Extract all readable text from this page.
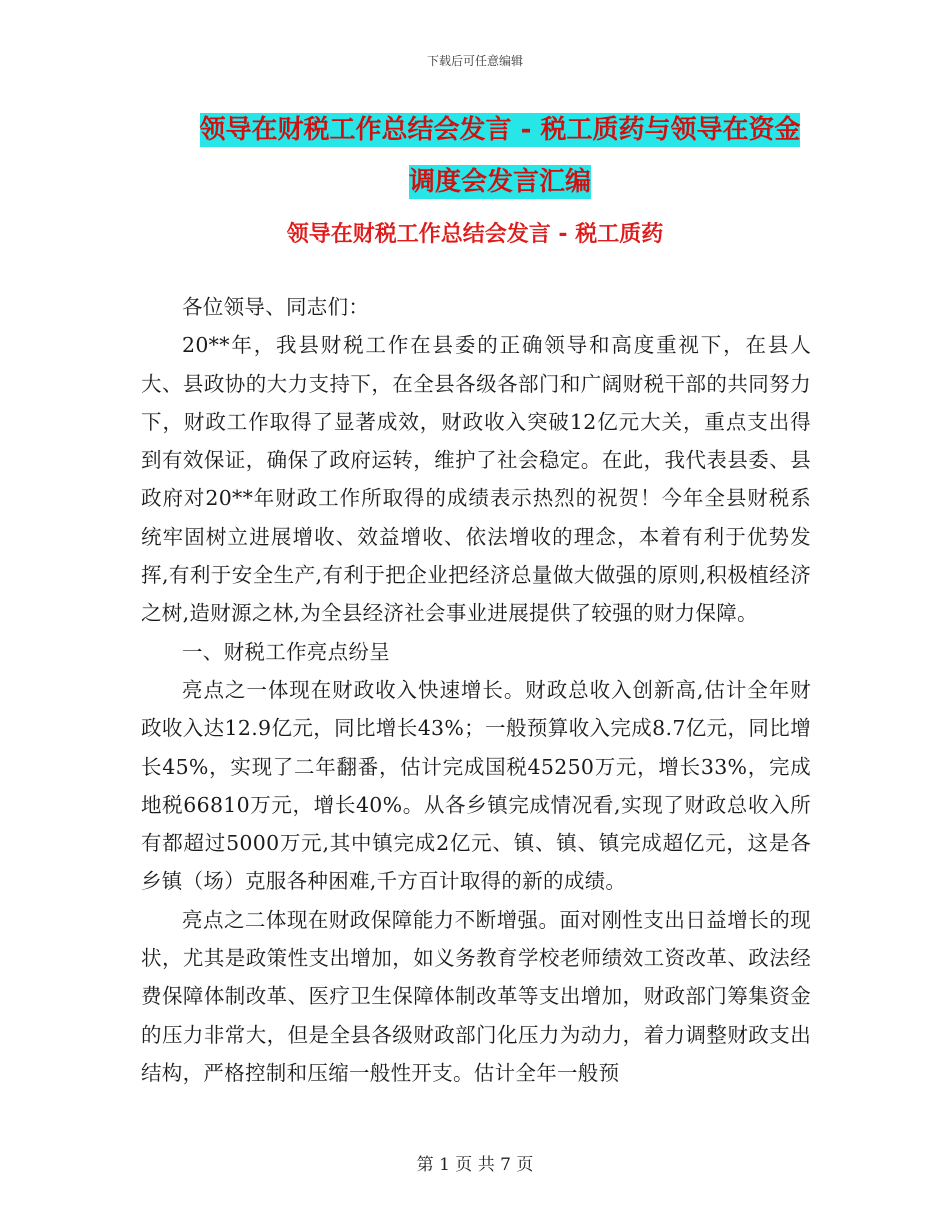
下载后可任意编辑
领导在财税工作总结会发言 - 税工质药与领导在资金
调度会发言汇编
领导在财税工作总结会发言 - 税工质药

各位领导、同志们：

20**年，我县财税工作在县委的正确领导和高度重视下，在县人大、县政协的大力支持下，在全县各级各部门和广阔财税干部的共同努力下，财政工作取得了显著成效，财政收入突破12亿元大关，重点支出得到有效保证，确保了政府运转，维护了社会稳定。在此，我代表县委、县政府对20**年财政工作所取得的成绩表示热烈的祝贺！今年全县财税系统牢固树立进展增收、效益增收、依法增收的理念，本着有利于优势发挥,有利于安全生产,有利于把企业把经济总量做大做强的原则,积极植经济之树,造财源之林,为全县经济社会事业进展提供了较强的财力保障。

一、财税工作亮点纷呈

亮点之一体现在财政收入快速增长。财政总收入创新高,估计全年财政收入达12.9亿元，同比增长43%；一般预算收入完成8.7亿元，同比增长45%，实现了二年翻番，估计完成国税45250万元，增长33%，完成地税66810万元，增长40%。从各乡镇完成情况看,实现了财政总收入所有都超过5000万元,其中镇完成2亿元、镇、镇、镇完成超亿元，这是各乡镇（场）克服各种困难,千方百计取得的新的成绩。

亮点之二体现在财政保障能力不断增强。面对刚性支出日益增长的现状，尤其是政策性支出增加，如义务教育学校老师绩效工资改革、政法经费保障体制改革、医疗卫生保障体制改革等支出增加，财政部门筹集资金的压力非常大，但是全县各级财政部门化压力为动力，着力调整财政支出结构，严格控制和压缩一般性开支。估计全年一般预

第 1 页 共 7 页
